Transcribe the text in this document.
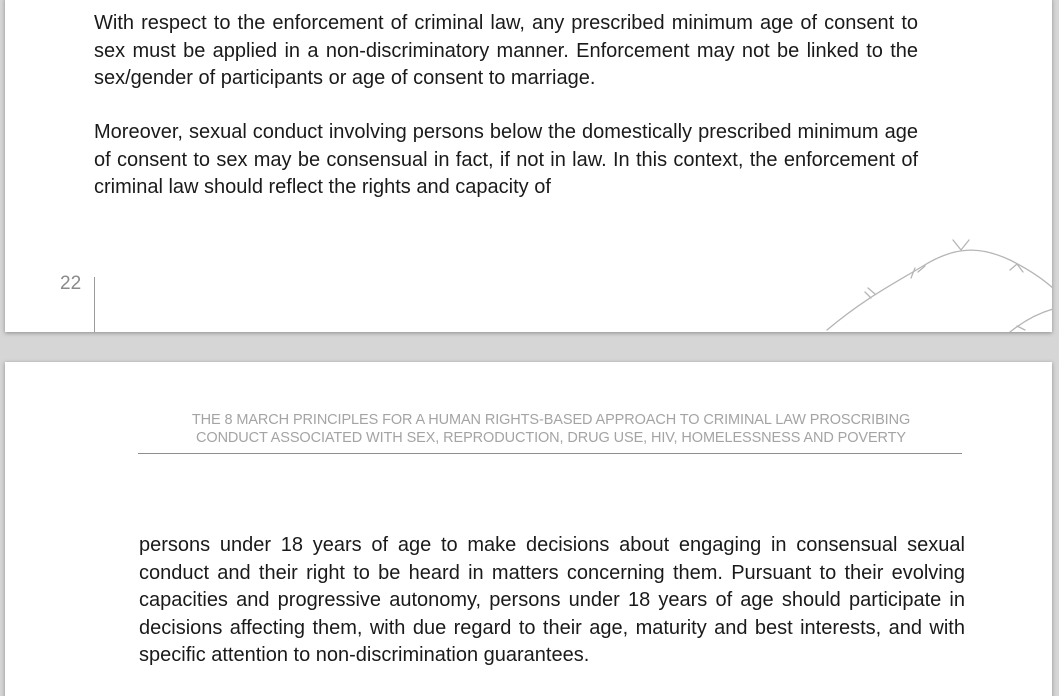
With respect to the enforcement of criminal law, any prescribed minimum age of consent to sex must be applied in a non-discriminatory manner. Enforcement may not be linked to the sex/gender of participants or age of consent to marriage.

Moreover, sexual conduct involving persons below the domestically prescribed minimum age of consent to sex may be consensual in fact, if not in law. In this context, the enforcement of criminal law should reflect the rights and capacity of

22
THE 8 MARCH PRINCIPLES FOR A HUMAN RIGHTS-BASED APPROACH TO CRIMINAL LAW PROSCRIBING
CONDUCT ASSOCIATED WITH SEX, REPRODUCTION, DRUG USE, HIV, HOMELESSNESS AND POVERTY

persons under 18 years of age to make decisions about engaging in consensual sexual conduct and their right to be heard in matters concerning them. Pursuant to their evolving capacities and progressive autonomy, persons under 18 years of age should participate in decisions affecting them, with due regard to their age, maturity and best interests, and with specific attention to non-discrimination guarantees.
